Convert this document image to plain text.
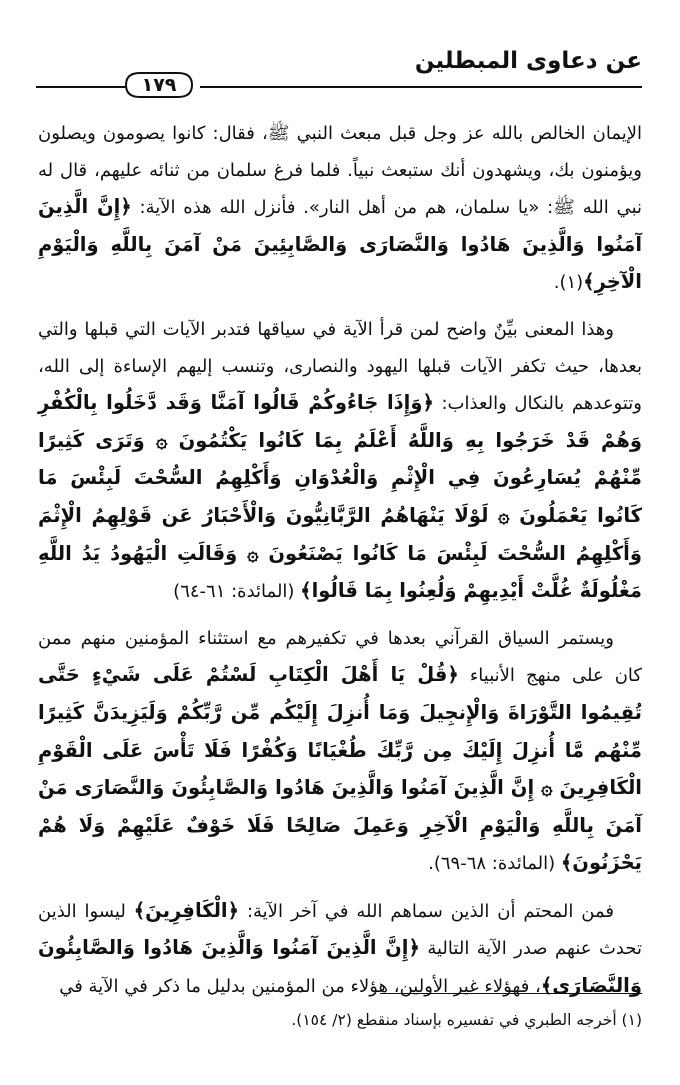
عن دعاوى المبطلين
١٧٩

الإيمان الخالص بالله عز وجل قبل مبعث النبي ﷺ، فقال: كانوا يصومون ويصلون ويؤمنون بك، ويشهدون أنك ستبعث نبياً. فلما فرغ سلمان من ثنائه عليهم، قال له نبي الله ﷺ: «يا سلمان، هم من أهل النار». فأنزل الله هذه الآية: ﴿إِنَّ الَّذِينَ آمَنُوا وَالَّذِينَ هَادُوا وَالنَّصَارَى وَالصَّابِئِينَ مَنْ آمَنَ بِاللَّهِ وَالْيَوْمِ الْآخِرِ﴾(١).

وهذا المعنى بيِّنٌ واضح لمن قرأ الآية في سياقها فتدبر الآيات التي قبلها والتي بعدها، حيث تكفر الآيات قبلها اليهود والنصارى، وتنسب إليهم الإساءة إلى الله، وتتوعدهم بالنكال والعذاب: ﴿وَإِذَا جَاءُوكُمْ قَالُوا آمَنَّا وَقَد دَّخَلُوا بِالْكُفْرِ وَهُمْ قَدْ خَرَجُوا بِهِ وَاللَّهُ أَعْلَمُ بِمَا كَانُوا يَكْتُمُونَ ۞ وَتَرَى كَثِيرًا مِّنْهُمْ يُسَارِعُونَ فِي الْإِثْمِ وَالْعُدْوَانِ وَأَكْلِهِمُ السُّحْتَ لَبِئْسَ مَا كَانُوا يَعْمَلُونَ ۞ لَوْلَا يَنْهَاهُمُ الرَّبَّانِيُّونَ وَالْأَحْبَارُ عَن قَوْلِهِمُ الْإِثْمَ وَأَكْلِهِمُ السُّحْتَ لَبِئْسَ مَا كَانُوا يَصْنَعُونَ ۞ وَقَالَتِ الْيَهُودُ يَدُ اللَّهِ مَغْلُولَةٌ غُلَّتْ أَيْدِيهِمْ وَلُعِنُوا بِمَا قَالُوا﴾ (المائدة: ٦١-٦٤)

ويستمر السياق القرآني بعدها في تكفيرهم مع استثناء المؤمنين منهم ممن كان على منهج الأنبياء ﴿قُلْ يَا أَهْلَ الْكِتَابِ لَسْتُمْ عَلَى شَيْءٍ حَتَّى تُقِيمُوا التَّوْرَاةَ وَالْإِنجِيلَ وَمَا أُنزِلَ إِلَيْكُم مِّن رَّبِّكُمْ وَلَيَزِيدَنَّ كَثِيرًا مِّنْهُم مَّا أُنزِلَ إِلَيْكَ مِن رَّبِّكَ طُغْيَانًا وَكُفْرًا فَلَا تَأْسَ عَلَى الْقَوْمِ الْكَافِرِينَ ۞ إِنَّ الَّذِينَ آمَنُوا وَالَّذِينَ هَادُوا وَالصَّابِئُونَ وَالنَّصَارَى مَنْ آمَنَ بِاللَّهِ وَالْيَوْمِ الْآخِرِ وَعَمِلَ صَالِحًا فَلَا خَوْفٌ عَلَيْهِمْ وَلَا هُمْ يَحْزَنُونَ﴾ (المائدة: ٦٨-٦٩).

فمن المحتم أن الذين سماهم الله في آخر الآية: ﴿الْكَافِرِينَ﴾ ليسوا الذين تحدث عنهم صدر الآية التالية ﴿إِنَّ الَّذِينَ آمَنُوا وَالَّذِينَ هَادُوا وَالصَّابِئُونَ وَالنَّصَارَى﴾، فهؤلاء غير الأولين، هؤلاء من المؤمنين بدليل ما ذكر في الآية في

(١) أخرجه الطبري في تفسيره بإسناد منقطع (٢/ ١٥٤).
